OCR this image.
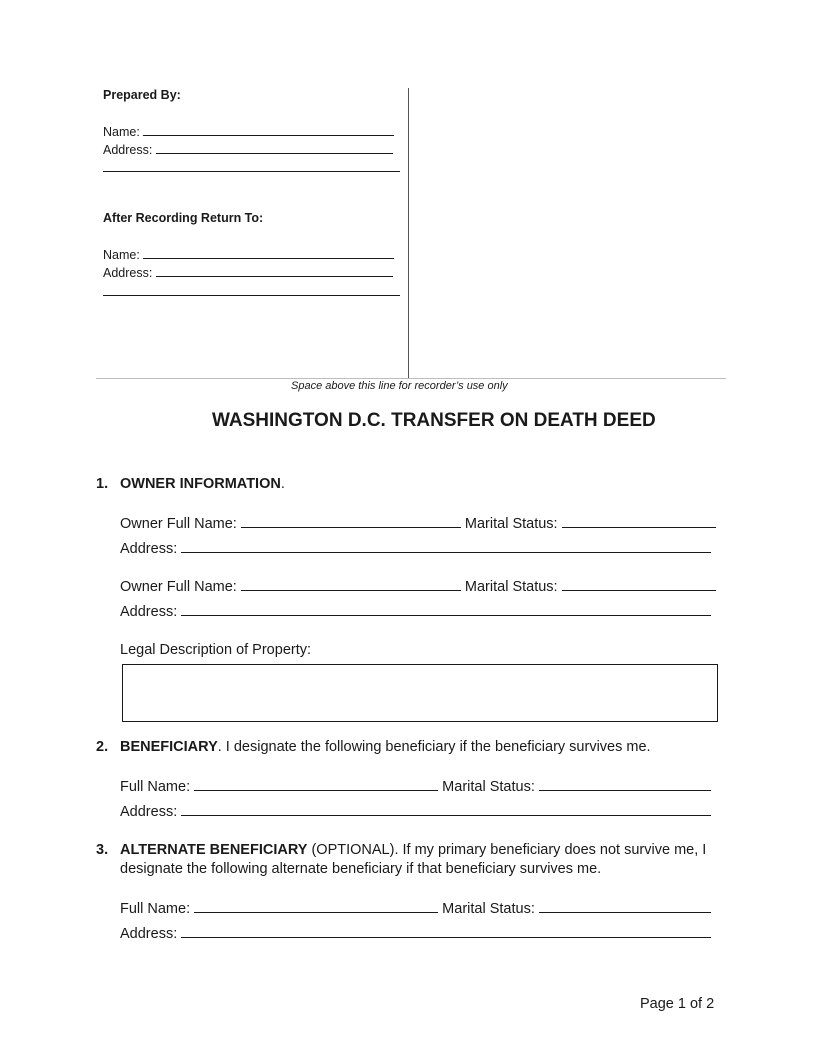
Prepared By:
Name:
Address:
After Recording Return To:
Name:
Address:
Space above this line for recorder’s use only
WASHINGTON D.C. TRANSFER ON DEATH DEED
1. OWNER INFORMATION.
Owner Full Name:	Marital Status:
Address:
Owner Full Name:	Marital Status:
Address:
Legal Description of Property:
2. BENEFICIARY. I designate the following beneficiary if the beneficiary survives me.
Full Name:	Marital Status:
Address:
3. ALTERNATE BENEFICIARY (OPTIONAL). If my primary beneficiary does not survive me, I
designate the following alternate beneficiary if that beneficiary survives me.
Full Name:	Marital Status:
Address:
Page 1 of 2
